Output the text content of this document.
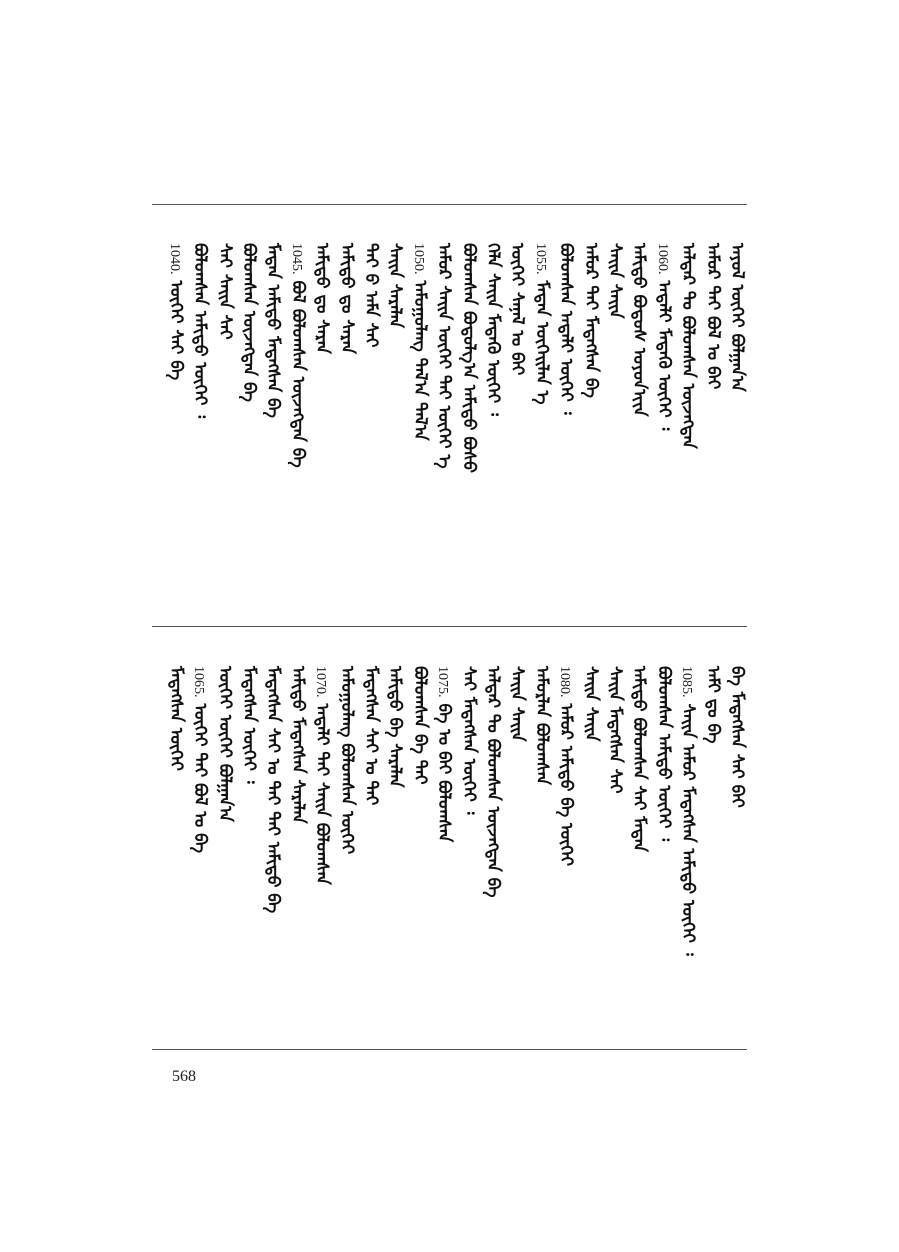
ᠠᠶᠤᠯ ᠦᠭᠡᠢ ᠪᠤᠯᠭᠠᠨ᠎ᠠ
ᠠᠮᠤᠷ ᠲᠠᠢ ᠪᠣᠯ ᠤ ᠪᠠᠢ
ᠠᠯᠳᠠᠷ ᠲᠤ ᠪᠣᠯᠤᠭᠰᠠᠨ ᠦᠵᠡᠭᠳᠡᠨ
1060.ᠠᠳᠠᠯᠢ ᠮᠡᠳᠡᠬᠦ ᠦᠭᠡᠢ ᠄
ᠠᠮᠢᠳᠤ ᠪᠣᠳᠤᠰ ᠣᠶᠤᠨ᠎ᠢᠢᠨ
ᠰᠠᠢᠨ ᠰᠠᠢᠨ
ᠠᠮᠤᠷ ᠲᠠᠢ ᠮᠡᠳᠡᠭᠰᠡᠨ ᠪᠡ
ᠪᠣᠯᠤᠭᠰᠠᠨ ᠠᠳᠠᠯᠢ ᠦᠭᠡᠢ ᠄
1055.ᠮᠡᠳᠡᠨ ᠦᠭᠡᠢᠯᠡᠨ ᠡ
ᠦᠭᠡᠢ ᠰᠠᠨᠠᠯ ᠤ ᠪᠠᠢ
ᠬᠡᠯᠡ ᠰᠠᠢᠨ ᠮᠡᠳᠡᠬᠦ ᠦᠭᠡᠢ ᠄
ᠪᠣᠯᠤᠭᠰᠠᠨ ᠪᠣᠳᠤᠯᠭ᠎ᠠ ᠠᠮᠢᠳᠤ ᠪᠤᠰᠤ
ᠠᠮᠤᠷ ᠰᠠᠢᠨ ᠦᠭᠡᠢ ᠲᠠᠢ ᠦᠭᠡᠢ ᠡ
1050.ᠠᠮᠤᠭᠤᠯᠠᠩ ᠲᠠᠯ᠎ᠠ ᠲᠠᠯ᠎ᠠ
ᠰᠠᠢᠨ ᠰᠠᠷᠠᠯᠠᠨ
ᠲᠠᠢ ᠪ ᠠᠮᠠ ᠰᠠᠢ
ᠠᠮᠢᠳᠤ ᠳᠤ ᠰᠠᠷᠠᠨ
ᠠᠮᠢᠳᠤ ᠳᠤ ᠰᠠᠷᠠᠨ
1045.ᠪᠣᠯ ᠪᠣᠯᠤᠭᠰᠠᠨ ᠦᠵᠡᠭᠳᠡᠨ ᠪᠡ
ᠮᠡᠳᠡᠨ ᠠᠮᠢᠳᠤ ᠮᠡᠳᠡᠭᠰᠡᠨ ᠪᠠ
ᠪᠣᠯᠤᠭᠰᠠᠨ ᠦᠵᠡᠭᠳᠡᠨ ᠪᠡ
ᠰᠠᠢ ᠰᠠᠢᠨ ᠰᠠᠢ
ᠪᠣᠯᠤᠭᠰᠠᠨ ᠠᠮᠢᠳᠤ ᠦᠭᠡᠢ ᠄
1040.ᠦᠭᠡᠢ ᠰᠠᠢ ᠪᠡ
ᠪᠡ ᠮᠡᠳᠡᠭᠰᠡᠨ ᠰᠠᠢ ᠪᠠᠢ
ᠠᠮᠢ ᠳᠤ ᠪᠠ
1085.ᠰᠠᠢᠨ ᠠᠮᠤᠷ ᠮᠡᠳᠡᠭᠰᠡᠨ ᠠᠮᠢᠳᠤ ᠦᠭᠡᠢ ᠄
ᠪᠣᠯᠤᠭᠰᠠᠨ ᠠᠮᠢᠳᠤ ᠦᠭᠡᠢ ᠄
ᠠᠮᠢᠳᠤ ᠪᠣᠯᠤᠭᠰᠠᠨ ᠰᠠᠢ ᠮᠡᠳᠡᠨ
ᠰᠠᠢᠨ ᠮᠡᠳᠡᠭᠰᠡᠨ ᠰᠠᠢ
ᠰᠠᠢᠨ ᠰᠠᠢᠨ
1080.ᠠᠮᠤᠷ ᠠᠮᠢᠳᠤ ᠪᠡ ᠦᠭᠡᠢ
ᠠᠮᠤᠷᠯᠠᠨ ᠪᠣᠯᠤᠭᠰᠠᠨ
ᠰᠠᠢᠨ ᠰᠠᠢᠨ
ᠠᠯᠳᠠᠷ ᠲᠤ ᠪᠣᠯᠤᠭᠰᠠᠨ ᠦᠵᠡᠭᠳᠡᠨ ᠪᠡ
ᠰᠠᠢ ᠮᠡᠳᠡᠭᠰᠡᠨ ᠦᠭᠡᠢ ᠄
1075.ᠪᠡ ᠤ ᠪᠠᠢ ᠪᠣᠯᠤᠭᠰᠠᠨ
ᠪᠣᠯᠤᠭᠰᠠᠨ ᠪᠠ ᠲᠠᠢ
ᠠᠮᠢᠳᠤ ᠪᠠ ᠰᠠᠷᠠᠯᠠᠨ
ᠮᠡᠳᠡᠭᠰᠡᠨ ᠰᠠᠢ ᠤ ᠲᠠᠢ
ᠠᠮᠤᠭᠤᠯᠠᠩ ᠪᠣᠯᠤᠭᠰᠠᠨ ᠦᠭᠡᠢ
1070.ᠠᠳᠠᠯᠢ ᠲᠠᠢ ᠰᠠᠢᠨ ᠪᠣᠯᠤᠭᠰᠠᠨ
ᠠᠮᠢᠳᠤ ᠮᠡᠳᠡᠭᠰᠡᠨ ᠰᠠᠷᠠᠯᠠᠨ
ᠮᠡᠳᠡᠭᠰᠡᠨ ᠰᠠᠢ ᠤ ᠲᠠᠢ ᠲᠠᠢ ᠠᠮᠢᠳᠤ ᠪᠠ
ᠮᠡᠳᠡᠭᠰᠡᠨ ᠦᠭᠡᠢ ᠄
ᠦᠭᠡᠢ ᠦᠭᠡᠢ ᠪᠤᠯᠭᠠᠨ᠎ᠠ
1065.ᠦᠭᠡᠢ ᠲᠠᠢ ᠪᠣᠯ ᠤ ᠪᠡ
ᠮᠡᠳᠡᠭᠰᠡᠨ ᠦᠭᠡᠢ
568
